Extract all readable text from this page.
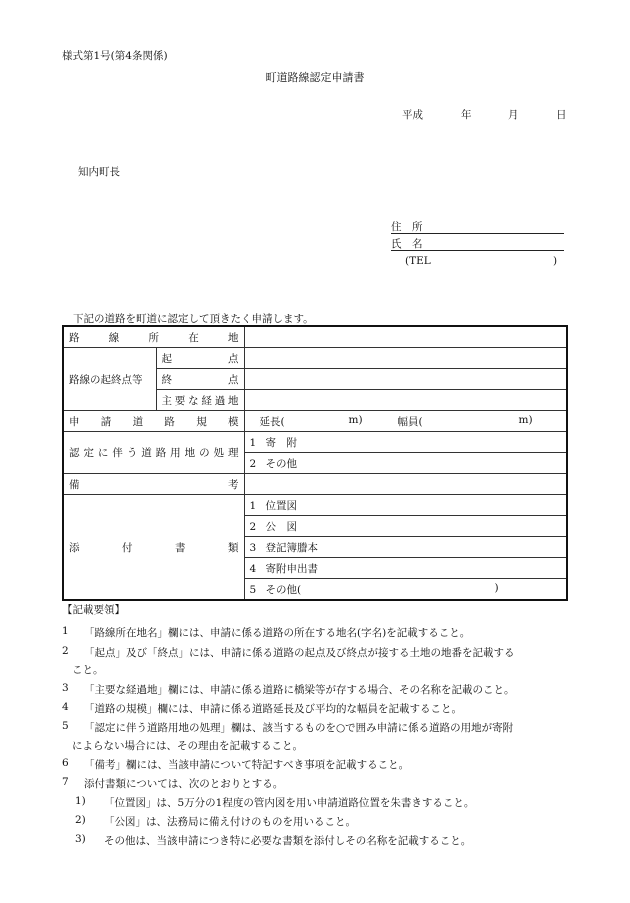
様式第1号(第4条関係)
町道路線認定申請書
平成	年	月	日
知内町長
住　所
氏　名
(TEL	)
下記の道路を町道に認定して頂きたく申請します。
路線所在地		
路線の起終点等	起点	
	終点	
	主要な経過地	
申請道路規模		延長( m) 幅員( m)

認定に伴う道路用地の処理		1 寄　附
		2 その他
備考		
添付書類		1 位置図
		2 公　図
		3 登記簿謄本
		4 寄附申出書
		5 その他( )
【記載要領】
1 「路線所在地名」欄には、申請に係る道路の所在する地名(字名)を記載すること。
2 「起点」及び「終点」には、申請に係る道路の起点及び終点が接する土地の地番を記載する
こと。
3 「主要な経過地」欄には、申請に係る道路に橋梁等が存する場合、その名称を記載のこと。
4 「道路の規模」欄には、申請に係る道路延長及び平均的な幅員を記載すること。
5 「認定に伴う道路用地の処理」欄は、該当するものを○で囲み申請に係る道路の用地が寄附
によらない場合には、その理由を記載すること。
6 「備考」欄には、当該申請について特記すべき事項を記載すること。
7 添付書類については、次のとおりとする。
1) 「位置図」は、5万分の1程度の管内図を用い申請道路位置を朱書きすること。
2) 「公図」は、法務局に備え付けのものを用いること。
3) その他は、当該申請につき特に必要な書類を添付しその名称を記載すること。
